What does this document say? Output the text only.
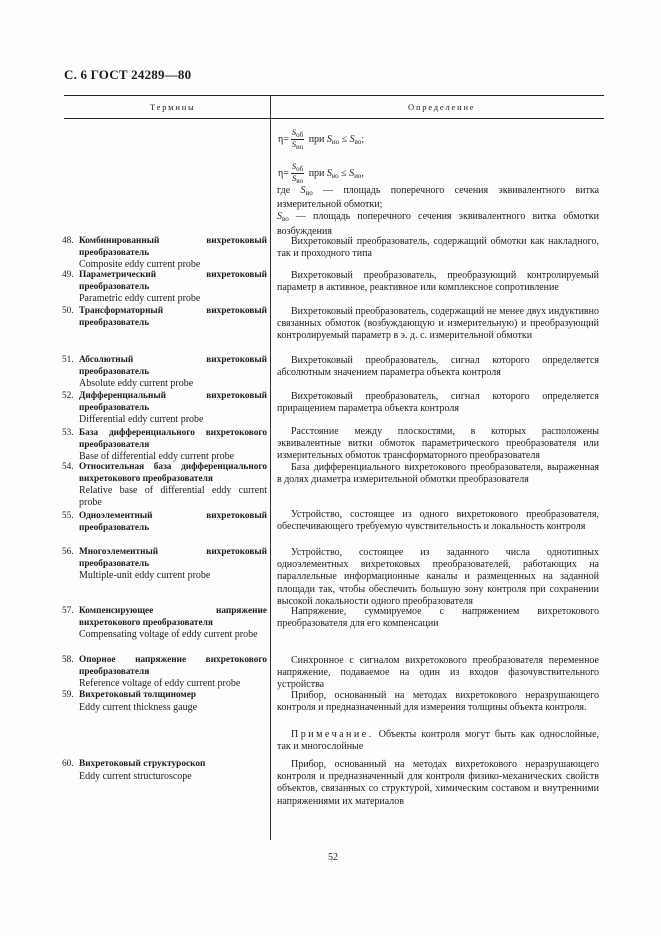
С. 6 ГОСТ 24289—80
Термины	Определение
$\eta= \frac{S_{об}}{S_{ио}}$ при $S_{ио} \le S_{во}$;
$\eta= \frac{S_{об}}{S_{во}}$ при $S_{во} \le S_{ио}$,
где $S_{ио}$ — площадь поперечного сечения эквивалентного витка измерительной обмотки;
$S_{во}$ — площадь поперечного сечения эквивалентного витка обмотки возбуждения
48. Комбинированный вихретоковый преобразователь
Composite eddy current probe
Вихретоковый преобразователь, содержащий обмотки как накладного, так и проходного типа
49. Параметрический вихретоковый преобразователь
Parametric eddy current probe
Вихретоковый преобразователь, преобразующий контролируемый параметр в активное, реактивное или комплексное сопротивление
50. Трансформаторный вихретоковый преобразователь
Вихретоковый преобразователь, содержащий не менее двух индуктивно связанных обмоток (возбуждающую и измерительную) и преобразующий контролируемый параметр в э. д. с. измерительной обмотки
51. Абсолютный вихретоковый преобразователь
Absolute eddy current probe
Вихретоковый преобразователь, сигнал которого определяется абсолютным значением параметра объекта контроля
52. Дифференциальный вихретоковый преобразователь
Differential eddy current probe
Вихретоковый преобразователь, сигнал которого определяется приращением параметра объекта контроля
53. База дифференциального вихретокового преобразователя
Base of differential eddy current probe
Расстояние между плоскостями, в которых расположены эквивалентные витки обмоток параметрического преобразователя или измерительных обмоток трансформаторного преобразователя
54. Относительная база дифференциального вихретокового преобразователя
Relative base of differential eddy current probe
База дифференциального вихретокового преобразователя, выраженная в долях диаметра измерительной обмотки преобразователя
55. Одноэлементный вихретоковый преобразователь
Устройство, состоящее из одного вихретокового преобразователя, обеспечивающего требуемую чувствительность и локальность контроля
56. Многоэлементный вихретоковый преобразователь
Multiple-unit eddy current probe
Устройство, состоящее из заданного числа однотипных одноэлементных вихретоковых преобразователей, работающих на параллельные информационные каналы и размещенных на заданной площади так, чтобы обеспечить большую зону контроля при сохранении высокой локальности одного преобразователя
57. Компенсирующее напряжение вихретокового преобразователя
Compensating voltage of eddy current probe
Напряжение, суммируемое с напряжением вихретокового преобразователя для его компенсации
58. Опорное напряжение вихретокового преобразователя
Reference voltage of eddy current probe
Синхронное с сигналом вихретокового преобразователя переменное напряжение, подаваемое на один из входов фазочувствительного устройства
59. Вихретоковый толщиномер
Eddy current thickness gauge
Прибор, основанный на методах вихретокового неразрушающего контроля и предназначенный для измерения толщины объекта контроля.
Примечание. Объекты контроля могут быть как однослойные, так и многослойные
60. Вихретоковый структуроскоп
Eddy current structuroscope
Прибор, основанный на методах вихретокового неразрушающего контроля и предназначенный для контроля физико-механических свойств объектов, связанных со структурой, химическим составом и внутренними напряжениями их материалов
52
